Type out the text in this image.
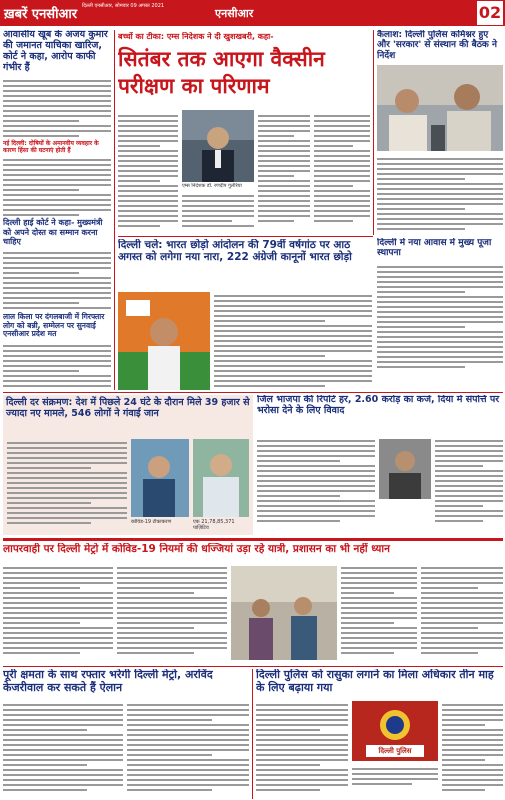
ख़बरें एनसीआर
दिल्ली एनसीआर, सोमवार 09 अगस्त 2021
एनसीआर	02
आवासीय खूब के अजय कुमार की जमानत याचिका खारिज, कोर्ट ने कहा, आरोप काफी गंभीर हैं
नई दिल्ली: दोषियों के अमानवीय व्यवहार के कारण हिंसा की घटनाएं होती हैं
दिल्ली हाई कोर्ट ने कहा- मुख्यमंत्री को अपने दोस्त का सम्मान करना चाहिए
लाल किला पर दंगलबाजी में गिरफ्तार लोग को बन्नी, सम्मेलन पर सुनवाई एनसीआर प्रदेश मत
बच्चों का टीका: एम्स निदेशक ने दी खुशखबरी, कहा-
सितंबर तक आएगा वैक्सीन परीक्षण का परिणाम
एम्स निदेशक डॉ. रणदीप गुलेरिया
कैलाश: दिल्ली पुलिस कमिश्नर हुए और 'सरकार' से संस्थान की बैठक ने निर्देश
दिल्ली चले: भारत छोड़ो आंदोलन की 79वीं वर्षगांठ पर आठ अगस्त को लगेगा नया नारा, 222 अंग्रेजी कानूनों भारत छोड़ो
दिल्ली में नया आवास में मुख्य पूजा स्थापना
दिल्ली दर संक्रमण: देश में पिछले 24 घंटे के दौरान मिले 39 हजार से ज्यादा नए मामले, 546 लोगों ने गंवाई जान
कोविड-19 टीकाकरण	एक 21,78,85,371 पाज़िटिव
जिल भाजपा की रिपोर्ट हर, 2.60 करोड़ का कर्ज, दिया में संपत्ति पर भरोसा देने के लिए विवाद
लापरवाही पर दिल्ली मेट्रो में कोविड-19 नियमों की धज्जियां उड़ा रहे यात्री, प्रशासन का भी नहीं ध्यान
पूरी क्षमता के साथ रफ्तार भरेगी दिल्ली मेट्रो, अरविंद केजरीवाल कर सकते हैं ऐलान
दिल्ली पुलिस को रासुका लगाने का मिला अधिकार तीन माह के लिए बढ़ाया गया
दिल्ली पुलिस
